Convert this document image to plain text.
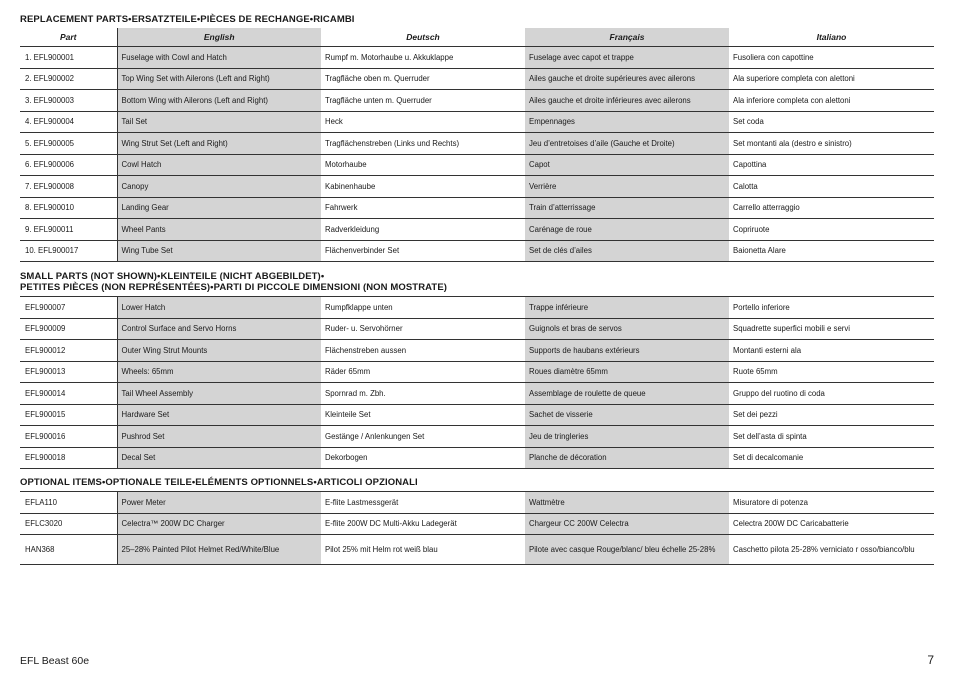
REPLACEMENT PARTS•ERSATZTEILE•PIÈCES DE RECHANGE•RICAMBI
Part	English	Deutsch	Français	Italiano
1. EFL900001	Fuselage with Cowl and Hatch	Rumpf m. Motorhaube u. Akkuklappe	Fuselage avec capot et trappe	Fusoliera con capottine
2. EFL900002	Top Wing Set with Ailerons (Left and Right)	Tragfläche oben m. Querruder	Ailes gauche et droite supérieures avec ailerons	Ala superiore completa con alettoni
3. EFL900003	Bottom Wing with Ailerons (Left and Right)	Tragfläche unten m. Querruder	Ailes gauche et droite inférieures avec ailerons	Ala inferiore completa con alettoni
4. EFL900004	Tail Set	Heck	Empennages	Set coda
5. EFL900005	Wing Strut Set (Left and Right)	Tragflächenstreben (Links und Rechts)	Jeu d’entretoises d’aile (Gauche et Droite)	Set montanti ala (destro e sinistro)
6. EFL900006	Cowl Hatch	Motorhaube	Capot	Capottina
7. EFL900008	Canopy	Kabinenhaube	Verrière	Calotta
8. EFL900010	Landing Gear	Fahrwerk	Train d’atterrissage	Carrello atterraggio
9. EFL900011	Wheel Pants	Radverkleidung	Carénage de roue	Copriruote
10. EFL900017	Wing Tube Set	Flächenverbinder Set	Set de clés d’ailes	Baionetta Alare
SMALL PARTS (NOT SHOWN)•KLEINTEILE (NICHT ABGEBILDET)•
PETITES PIÈCES (NON REPRÉSENTÉES)•PARTI DI PICCOLE DIMENSIONI (NON MOSTRATE)
EFL900007	Lower Hatch	Rumpfklappe unten	Trappe inférieure	Portello inferiore
EFL900009	Control Surface and Servo Horns	Ruder- u. Servohörner	Guignols et bras de servos	Squadrette superfici mobili e servi
EFL900012	Outer Wing Strut Mounts	Flächenstreben aussen	Supports de haubans extérieurs	Montanti esterni ala
EFL900013	Wheels: 65mm	Räder 65mm	Roues diamètre 65mm	Ruote 65mm
EFL900014	Tail Wheel Assembly	Spornrad m. Zbh.	Assemblage de roulette de queue	Gruppo del ruotino di coda
EFL900015	Hardware Set	Kleinteile Set	Sachet de visserie	Set dei pezzi
EFL900016	Pushrod Set	Gestänge / Anlenkungen Set	Jeu de tringleries	Set dell’asta di spinta
EFL900018	Decal Set	Dekorbogen	Planche de décoration	Set di decalcomanie
OPTIONAL ITEMS•OPTIONALE TEILE•ELÉMENTS OPTIONNELS•ARTICOLI OPZIONALI
EFLA110	Power Meter	E-flite Lastmessgerät	Wattmètre	Misuratore di potenza
EFLC3020	Celectra™ 200W DC Charger	E-flite 200W DC Multi-Akku Ladegerät	Chargeur CC 200W Celectra	Celectra 200W DC Caricabatterie
HAN368	25–28% Painted Pilot Helmet Red/White/Blue	Pilot 25% mit Helm rot weiß blau	Pilote avec casque Rouge/blanc/ bleu échelle 25-28%	Caschetto pilota 25-28% verniciato r osso/bianco/blu
EFL Beast 60e	7
